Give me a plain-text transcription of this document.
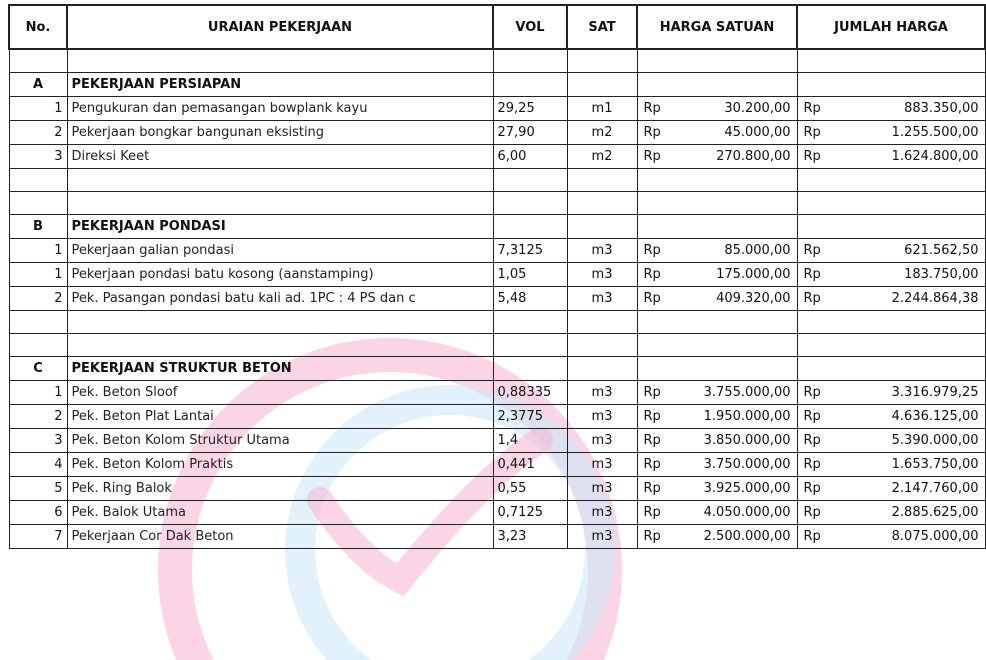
No.	URAIAN PEKERJAAN	VOL	SAT	HARGA SATUAN	JUMLAH HARGA

A	PEKERJAAN PERSIAPAN				
1	Pengukuran dan pemasangan bowplank kayu	29,25	m1	Rp 30.200,00	Rp 883.350,00

2	Pekerjaan bongkar bangunan eksisting	27,90	m2	Rp 45.000,00	Rp 1.255.500,00

3	Direksi Keet	6,00	m2	Rp 270.800,00	Rp 1.624.800,00

B	PEKERJAAN PONDASI				
1	Pekerjaan galian pondasi	7,3125	m3	Rp 85.000,00	Rp 621.562,50

1	Pekerjaan pondasi batu kosong (aanstamping)	1,05	m3	Rp 175.000,00	Rp 183.750,00

2	Pek. Pasangan pondasi batu kali ad. 1PC : 4 PS dan c	5,48	m3	Rp 409.320,00	Rp 2.244.864,38

C	PEKERJAAN STRUKTUR BETON				
1	Pek. Beton Sloof	0,88335	m3	Rp 3.755.000,00	Rp 3.316.979,25

2	Pek. Beton Plat Lantai	2,3775	m3	Rp 1.950.000,00	Rp 4.636.125,00

3	Pek. Beton Kolom Struktur Utama	1,4	m3	Rp 3.850.000,00	Rp 5.390.000,00

4	Pek. Beton Kolom Praktis	0,441	m3	Rp 3.750.000,00	Rp 1.653.750,00

5	Pek. Ring Balok	0,55	m3	Rp 3.925.000,00	Rp 2.147.760,00

6	Pek. Balok Utama	0,7125	m3	Rp 4.050.000,00	Rp 2.885.625,00

7	Pekerjaan Cor Dak Beton	3,23	m3	Rp 2.500.000,00	Rp 8.075.000,00
